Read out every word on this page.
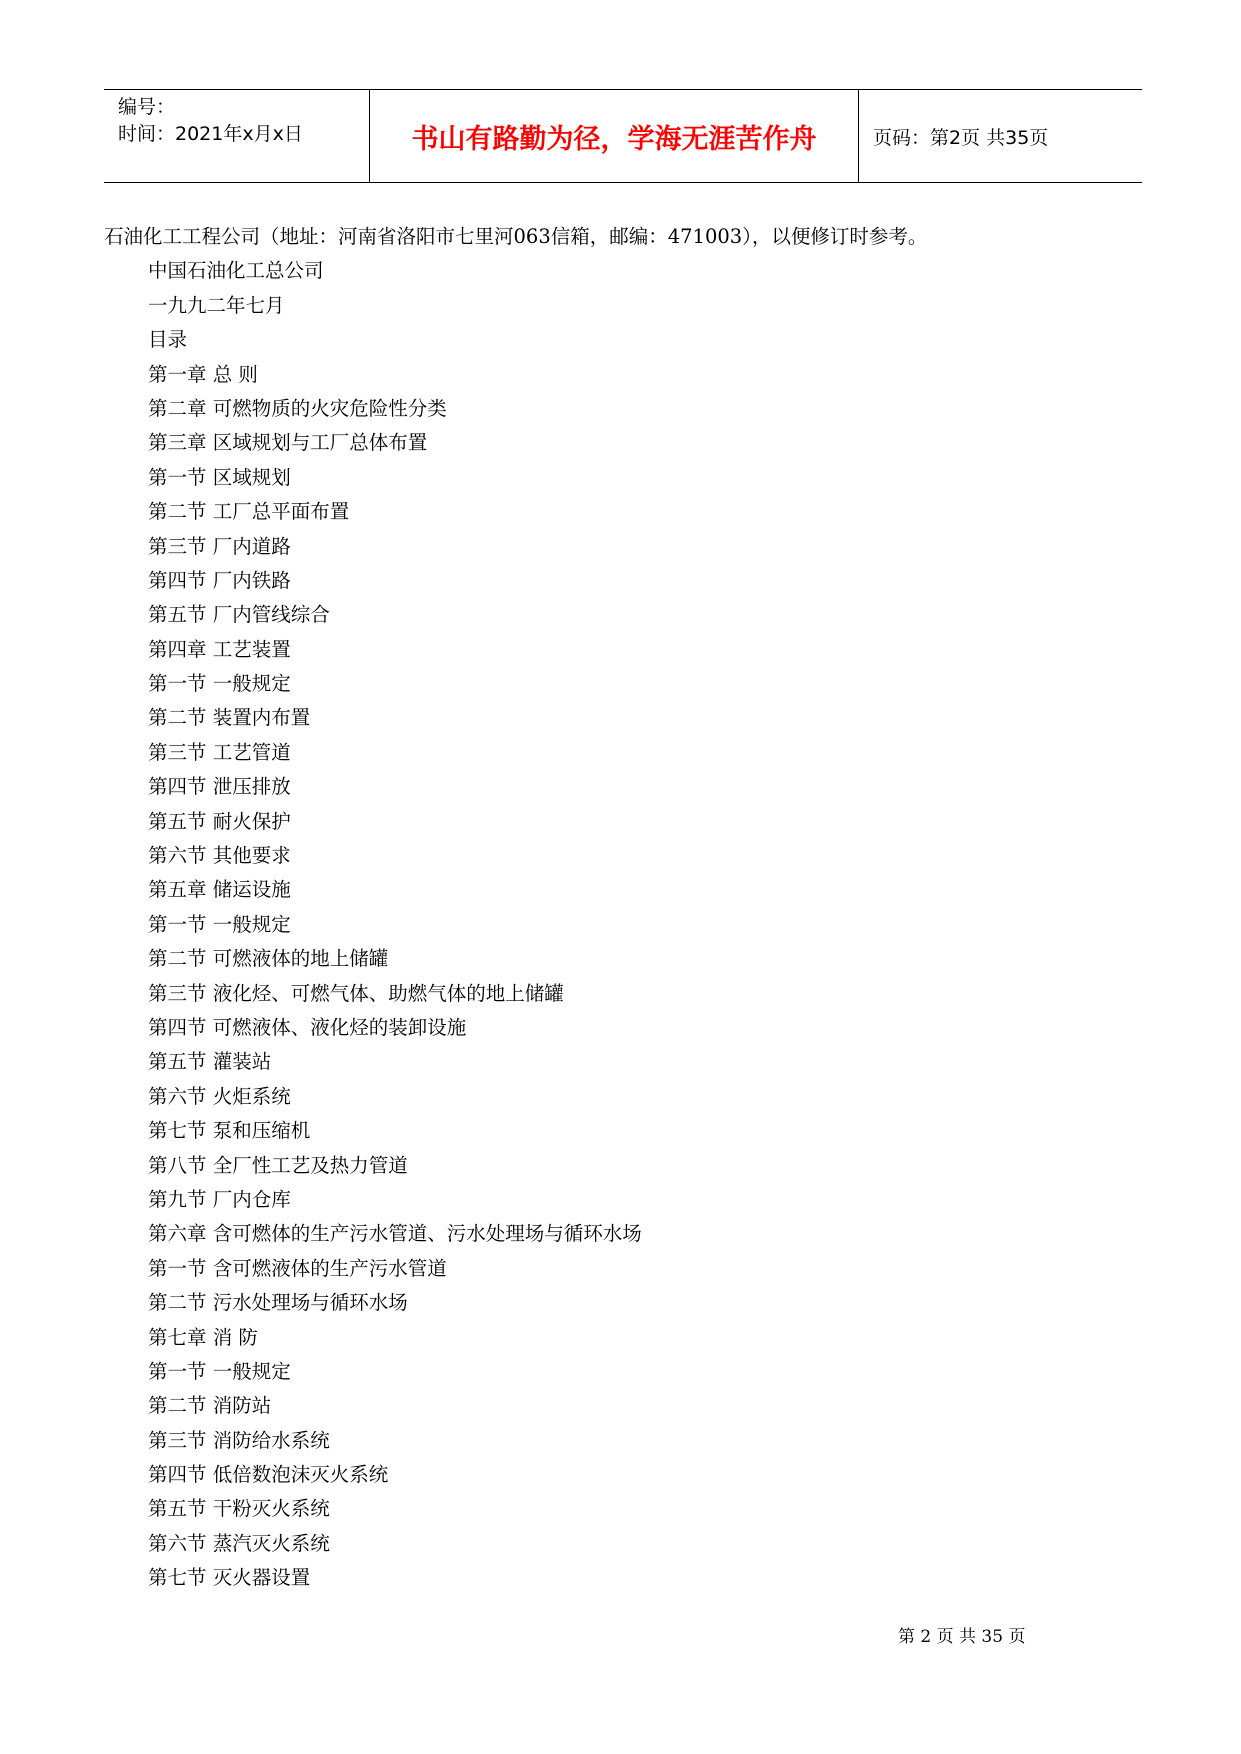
编号：
时间：2021年x月x日	书山有路勤为径，学海无涯苦作舟	页码：第2页 共35页
石油化工工程公司（地址：河南省洛阳市七里河063信箱，邮编：471003），以便修订时参考。
中国石油化工总公司
一九九二年七月
目录
第一章 总 则
第二章 可燃物质的火灾危险性分类
第三章 区域规划与工厂总体布置
第一节 区域规划
第二节 工厂总平面布置
第三节 厂内道路
第四节 厂内铁路
第五节 厂内管线综合
第四章 工艺装置
第一节 一般规定
第二节 装置内布置
第三节 工艺管道
第四节 泄压排放
第五节 耐火保护
第六节 其他要求
第五章 储运设施
第一节 一般规定
第二节 可燃液体的地上储罐
第三节 液化烃、可燃气体、助燃气体的地上储罐
第四节 可燃液体、液化烃的装卸设施
第五节 灌装站
第六节 火炬系统
第七节 泵和压缩机
第八节 全厂性工艺及热力管道
第九节 厂内仓库
第六章 含可燃体的生产污水管道、污水处理场与循环水场
第一节 含可燃液体的生产污水管道
第二节 污水处理场与循环水场
第七章 消 防
第一节 一般规定
第二节 消防站
第三节 消防给水系统
第四节 低倍数泡沫灭火系统
第五节 干粉灭火系统
第六节 蒸汽灭火系统
第七节 灭火器设置
第 2 页 共 35 页
